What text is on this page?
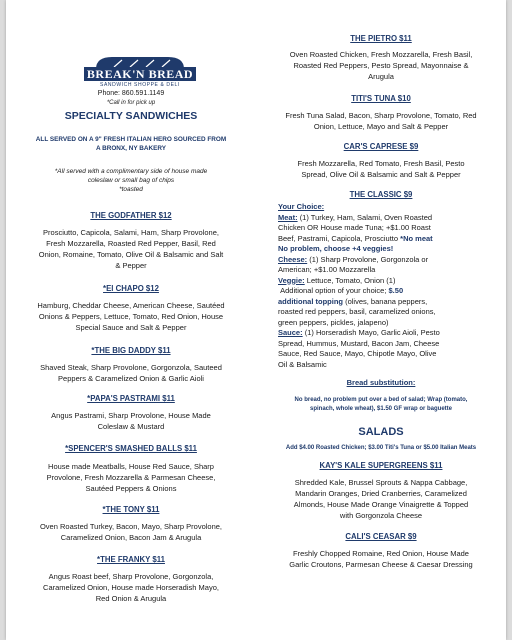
BREAK'N BREAD
SANDWICH SHOPPE & DELI
Phone: 860.591.1149
*Call in for pick up
SPECIALTY SANDWICHES
ALL SERVED ON A 9" FRESH ITALIAN HERO SOURCED FROM
A BRONX, NY BAKERY
*All served with a complimentary side of house made
coleslaw or small bag of chips
*toasted
THE GODFATHER $12
Prosciutto, Capicola, Salami, Ham, Sharp Provolone,
Fresh Mozzarella, Roasted Red Pepper, Basil, Red
Onion, Romaine, Tomato, Olive Oil & Balsamic and Salt
& Pepper
*El CHAPO $12
Hamburg, Cheddar Cheese, American Cheese, Sautéed
Onions & Peppers, Lettuce, Tomato, Red Onion, House
Special Sauce and Salt & Pepper
*THE BIG DADDY $11
Shaved Steak, Sharp Provolone, Gorgonzola, Sauteed
Peppers & Caramelized Onion & Garlic Aioli
*PAPA'S PASTRAMI $11
Angus Pastrami, Sharp Provolone, House Made
Coleslaw & Mustard
*SPENCER'S SMASHED BALLS $11
House made Meatballs, House Red Sauce, Sharp
Provolone, Fresh Mozzarella & Parmesan Cheese,
Sautéed Peppers & Onions
*THE TONY $11
Oven Roasted Turkey, Bacon, Mayo, Sharp Provolone,
Caramelized Onion, Bacon Jam & Arugula
*THE FRANKY $11
Angus Roast beef, Sharp Provolone, Gorgonzola,
Caramelized Onion, House made Horseradish Mayo,
Red Onion & Arugula
THE PIETRO $11
Oven Roasted Chicken, Fresh Mozzarella, Fresh Basil,
Roasted Red Peppers, Pesto Spread, Mayonnaise &
Arugula
TITI'S TUNA $10
Fresh Tuna Salad, Bacon, Sharp Provolone, Tomato, Red
Onion, Lettuce, Mayo and Salt & Pepper
CAR'S CAPRESE $9
Fresh Mozzarella, Red Tomato, Fresh Basil, Pesto
Spread, Olive Oil & Balsamic and Salt & Pepper
THE CLASSIC $9
Your Choice:
Meat: (1) Turkey, Ham, Salami, Oven Roasted
Chicken OR House made Tuna; +$1.00 Roast
Beef, Pastrami, Capicola, Prosciutto *No meat
No problem, choose +4 veggies!
Cheese: (1) Sharp Provolone, Gorgonzola or
American; +$1.00 Mozzarella
Veggie: Lettuce, Tomato, Onion (1)
Additional option of your choice; $.50
additional topping (olives, banana peppers,
roasted red peppers, basil, caramelized onions,
green peppers, pickles, jalapeno)
Sauce: (1) Horseradish Mayo, Garlic Aioli, Pesto
Spread, Hummus, Mustard, Bacon Jam, Cheese
Sauce, Red Sauce, Mayo, Chipotle Mayo, Olive
Oil & Balsamic
Bread substitution:
No bread, no problem put over a bed of salad; Wrap (tomato,
spinach, whole wheat), $1.50 GF wrap or baguette
SALADS
Add $4.00 Roasted Chicken; $3.00 Titi's Tuna or $5.00 Italian Meats
KAY'S KALE SUPERGREENS $11
Shredded Kale, Brussel Sprouts & Nappa Cabbage,
Mandarin Oranges, Dried Cranberries, Caramelized
Almonds, House Made Orange Vinaigrette & Topped
with Gorgonzola Cheese
CALI'S CEASAR $9
Freshly Chopped Romaine, Red Onion, House Made
Garlic Croutons, Parmesan Cheese & Caesar Dressing
